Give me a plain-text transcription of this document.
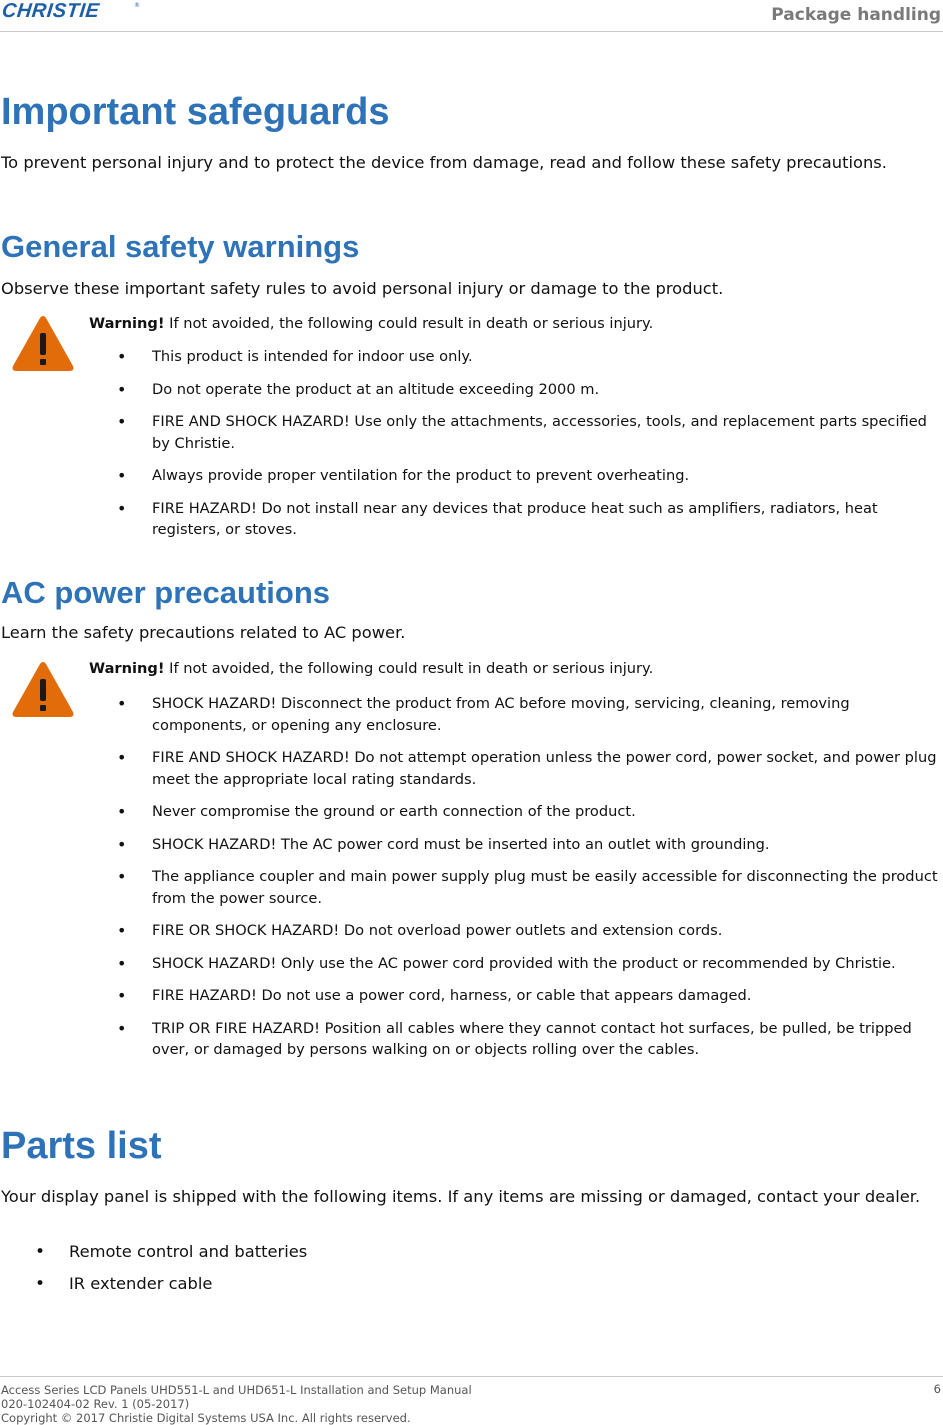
CHRISTIE	®	Package handling
Important safeguards

To prevent personal injury and to protect the device from damage, read and follow these safety precautions.

General safety warnings

Observe these important safety rules to avoid personal injury or damage to the product.

Warning! If not avoided, the following could result in death or serious injury.
• This product is intended for indoor use only.
• Do not operate the product at an altitude exceeding 2000 m.
• FIRE AND SHOCK HAZARD! Use only the attachments, accessories, tools, and replacement parts specified by Christie.
• Always provide proper ventilation for the product to prevent overheating.
• FIRE HAZARD! Do not install near any devices that produce heat such as amplifiers, radiators, heat registers, or stoves.
AC power precautions

Learn the safety precautions related to AC power.

Warning! If not avoided, the following could result in death or serious injury.
• SHOCK HAZARD! Disconnect the product from AC before moving, servicing, cleaning, removing components, or opening any enclosure.
• FIRE AND SHOCK HAZARD! Do not attempt operation unless the power cord, power socket, and power plug meet the appropriate local rating standards.
• Never compromise the ground or earth connection of the product.
• SHOCK HAZARD! The AC power cord must be inserted into an outlet with grounding.
• The appliance coupler and main power supply plug must be easily accessible for disconnecting the product from the power source.
• FIRE OR SHOCK HAZARD! Do not overload power outlets and extension cords.
• SHOCK HAZARD! Only use the AC power cord provided with the product or recommended by Christie.
• FIRE HAZARD! Do not use a power cord, harness, or cable that appears damaged.
• TRIP OR FIRE HAZARD! Position all cables where they cannot contact hot surfaces, be pulled, be tripped over, or damaged by persons walking on or objects rolling over the cables.
Parts list

Your display panel is shipped with the following items. If any items are missing or damaged, contact your dealer.

• Remote control and batteries
• IR extender cable
Access Series LCD Panels UHD551-L and UHD651-L Installation and Setup Manual
020-102404-02 Rev. 1 (05-2017)
Copyright © 2017 Christie Digital Systems USA Inc. All rights reserved.
6
